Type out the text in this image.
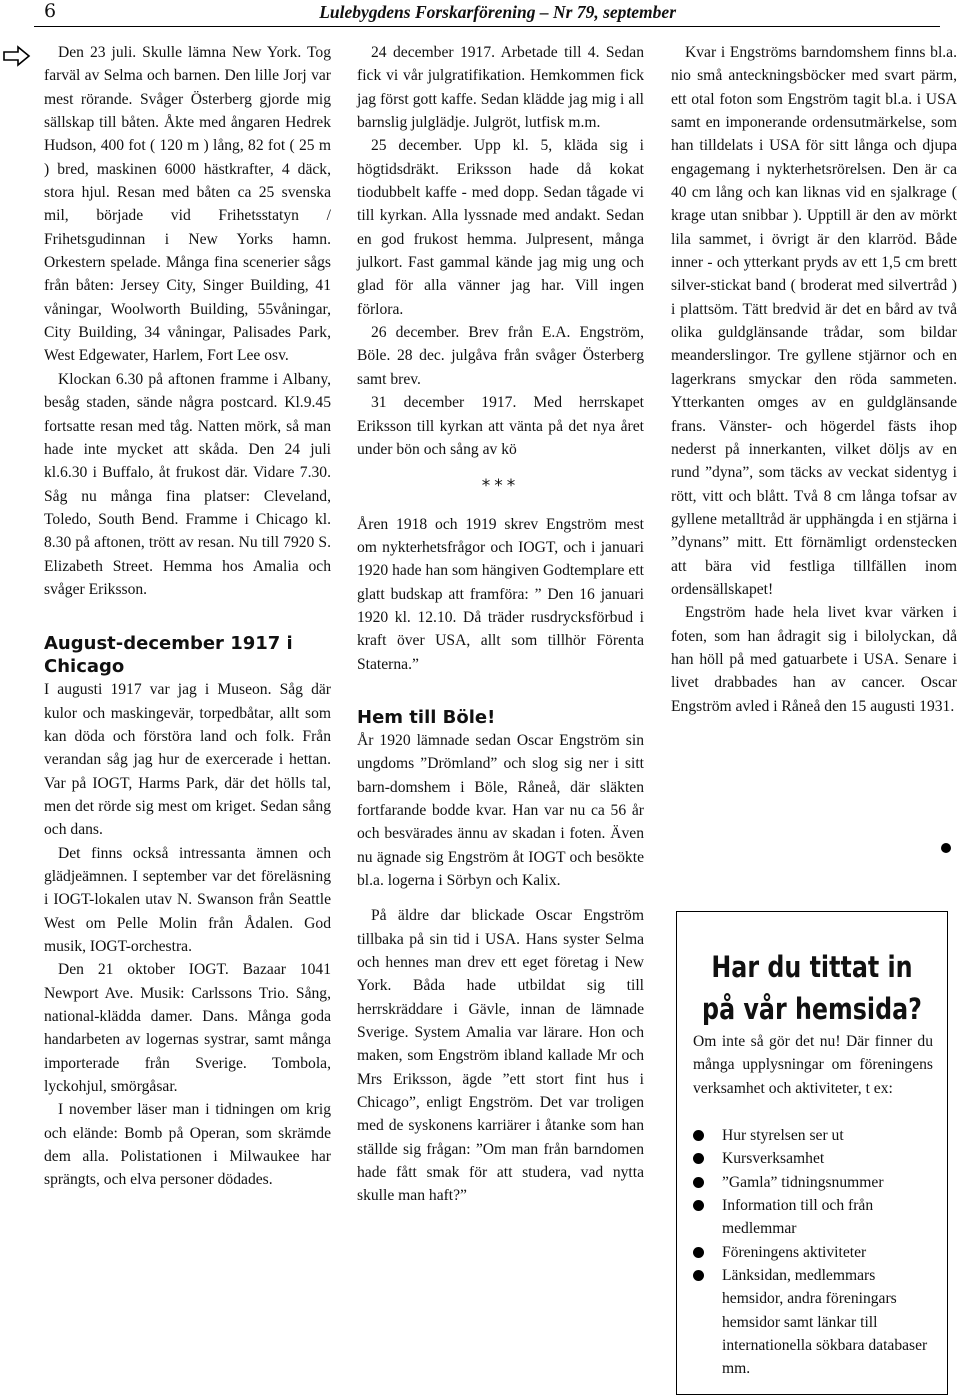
6	Lulebygdens Forskarförening – Nr 79, september

Den 23 juli. Skulle lämna New York. Tog farväl av Selma och barnen. Den lille Jorj var mest rörande. Svåger Österberg gjorde mig sällskap till båten. Åkte med ångaren Hedrek Hudson, 400 fot ( 120 m ) lång, 82 fot ( 25 m ) bred, maskinen 6000 hästkrafter, 4 däck, stora hjul. Resan med båten ca 25 svenska mil, började vid Frihetsstatyn / Frihetsgudinnan i New Yorks hamn. Orkestern spelade. Många fina scenerier sågs från båten: Jersey City, Singer Building, 41 våningar, Woolworth Building, 55våningar, City Building, 34 våningar, Palisades Park, West Edgewater, Harlem, Fort Lee osv.

Klockan 6.30 på aftonen framme i Albany, besåg staden, sände några postcard. Kl.9.45 fortsatte resan med tåg. Natten mörk, så man hade inte mycket att skåda. Den 24 juli kl.6.30 i Buffalo, åt frukost där. Vidare 7.30. Såg nu många fina platser: Cleveland, Toledo, South Bend. Framme i Chicago kl. 8.30 på aftonen, trött av resan. Nu till 7920 S. Elizabeth Street. Hemma hos Amalia och svåger Eriksson.

August-december 1917 i Chicago

I augusti 1917 var jag i Museon. Såg där kulor och maskingevär, torpedbåtar, allt som kan döda och förstöra land och folk. Från verandan såg jag hur de exercerade i hettan. Var på IOGT, Harms Park, där det hölls tal, men det rörde sig mest om kriget. Sedan sång och dans.

Det finns också intressanta ämnen och glädjeämnen. I september var det föreläsning i IOGT-lokalen utav N. Swanson från Seattle West om Pelle Molin från Ådalen. God musik, IOGT-orchestra.

Den 21 oktober IOGT. Bazaar 1041 Newport Ave. Musik: Carlssons Trio. Sång, national-klädda damer. Dans. Många goda handarbeten av logernas systrar, samt många importerade från Sverige. Tombola, lyckohjul, smörgåsar.

I november läser man i tidningen om krig och elände: Bomb på Operan, som skrämde dem alla. Polistationen i Milwaukee har sprängts, och elva personer dödades.

24 december 1917. Arbetade till 4. Sedan fick vi vår julgratifikation. Hemkommen fick jag först gott kaffe. Sedan klädde jag mig i all barnslig julglädje. Julgröt, lutfisk m.m.

25 december. Upp kl. 5, kläda sig i högtidsdräkt. Eriksson hade då kokat tiodubbelt kaffe - med dopp. Sedan tågade vi till kyrkan. Alla lyssnade med andakt. Sedan en god frukost hemma. Julpresent, många julkort. Fast gammal kände jag mig ung och glad för alla vänner jag har. Vill ingen förlora.

26 december. Brev från E.A. Engström, Böle. 28 dec. julgåva från svåger Österberg samt brev.

31 december 1917. Med herrskapet Eriksson till kyrkan att vänta på det nya året under bön och sång av kö

***

Åren 1918 och 1919 skrev Engström mest om nykterhetsfrågor och IOGT, och i januari 1920 hade han som hängiven Godtemplare ett glatt budskap att framföra: ” Den 16 januari 1920 kl. 12.10. Då träder rusdrycksförbud i kraft över USA, allt som tillhör Förenta Staterna.”

Hem till Böle!

År 1920 lämnade sedan Oscar Engström sin ungdoms ”Drömland” och slog sig ner i sitt barn-domshem i Böle, Råneå, där släkten fortfarande bodde kvar. Han var nu ca 56 år och besvärades ännu av skadan i foten. Även nu ägnade sig Engström åt IOGT och besökte bl.a. logerna i Sörbyn och Kalix.

På äldre dar blickade Oscar Engström tillbaka på sin tid i USA. Hans syster Selma och hennes man drev ett eget företag i New York. Båda hade utbildat sig till herrskräddare i Gävle, innan de lämnade Sverige. System Amalia var lärare. Hon och maken, som Engström ibland kallade Mr och Mrs Eriksson, ägde ”ett stort fint hus i Chicago”, enligt Engström. Det var troligen med de syskonens karriärer i åtanke som han ställde sig frågan: ”Om man från barndomen hade fått smak för att studera, vad nytta skulle man haft?”

Kvar i Engströms barndomshem finns bl.a. nio små anteckningsböcker med svart pärm, ett otal foton som Engström tagit bl.a. i USA samt en imponerande ordensutmärkelse, som han tilldelats i USA för sitt långa och djupa engagemang i nykterhetsrörelsen. Den är ca 40 cm lång och kan liknas vid en sjalkrage ( krage utan snibbar ). Upptill är den av mörkt lila sammet, i övrigt är den klarröd. Både inner - och ytterkant pryds av ett 1,5 cm brett silver-stickat band ( broderat med silvertråd ) i plattsöm. Tätt bredvid är det en bård av två olika guldglänsande trådar, som bildar meanderslingor. Tre gyllene stjärnor och en lagerkrans smyckar den röda sammeten. Ytterkanten omges av en guldglänsande frans. Vänster- och högerdel fästs ihop nederst på innerkanten, vilket döljs av en rund ”dyna”, som täcks av veckat sidentyg i rött, vitt och blått. Två 8 cm långa tofsar av gyllene metalltråd är upphängda i en stjärna i ”dynans” mitt. Ett förnämligt ordenstecken att bära vid festliga tillfällen inom ordensällskapet!

Engström hade hela livet kvar värken i foten, som han ådragit sig i bilolyckan, då han höll på med gatuarbete i USA. Senare i livet drabbades han av cancer. Oscar Engström avled i Råneå den 15 augusti 1931.

Har du tittat in
på vår hemsida?
Om inte så gör det nu! Där finner du många upplysningar om föreningens verksamhet och aktiviteter, t ex:
Hur styrelsen ser ut
Kursverksamhet
”Gamla” tidningsnummer
Information till och från medlemmar
Föreningens aktiviteter
Länksidan, medlemmars hemsidor, andra föreningars hemsidor samt länkar till internationella sökbara databaser mm.
